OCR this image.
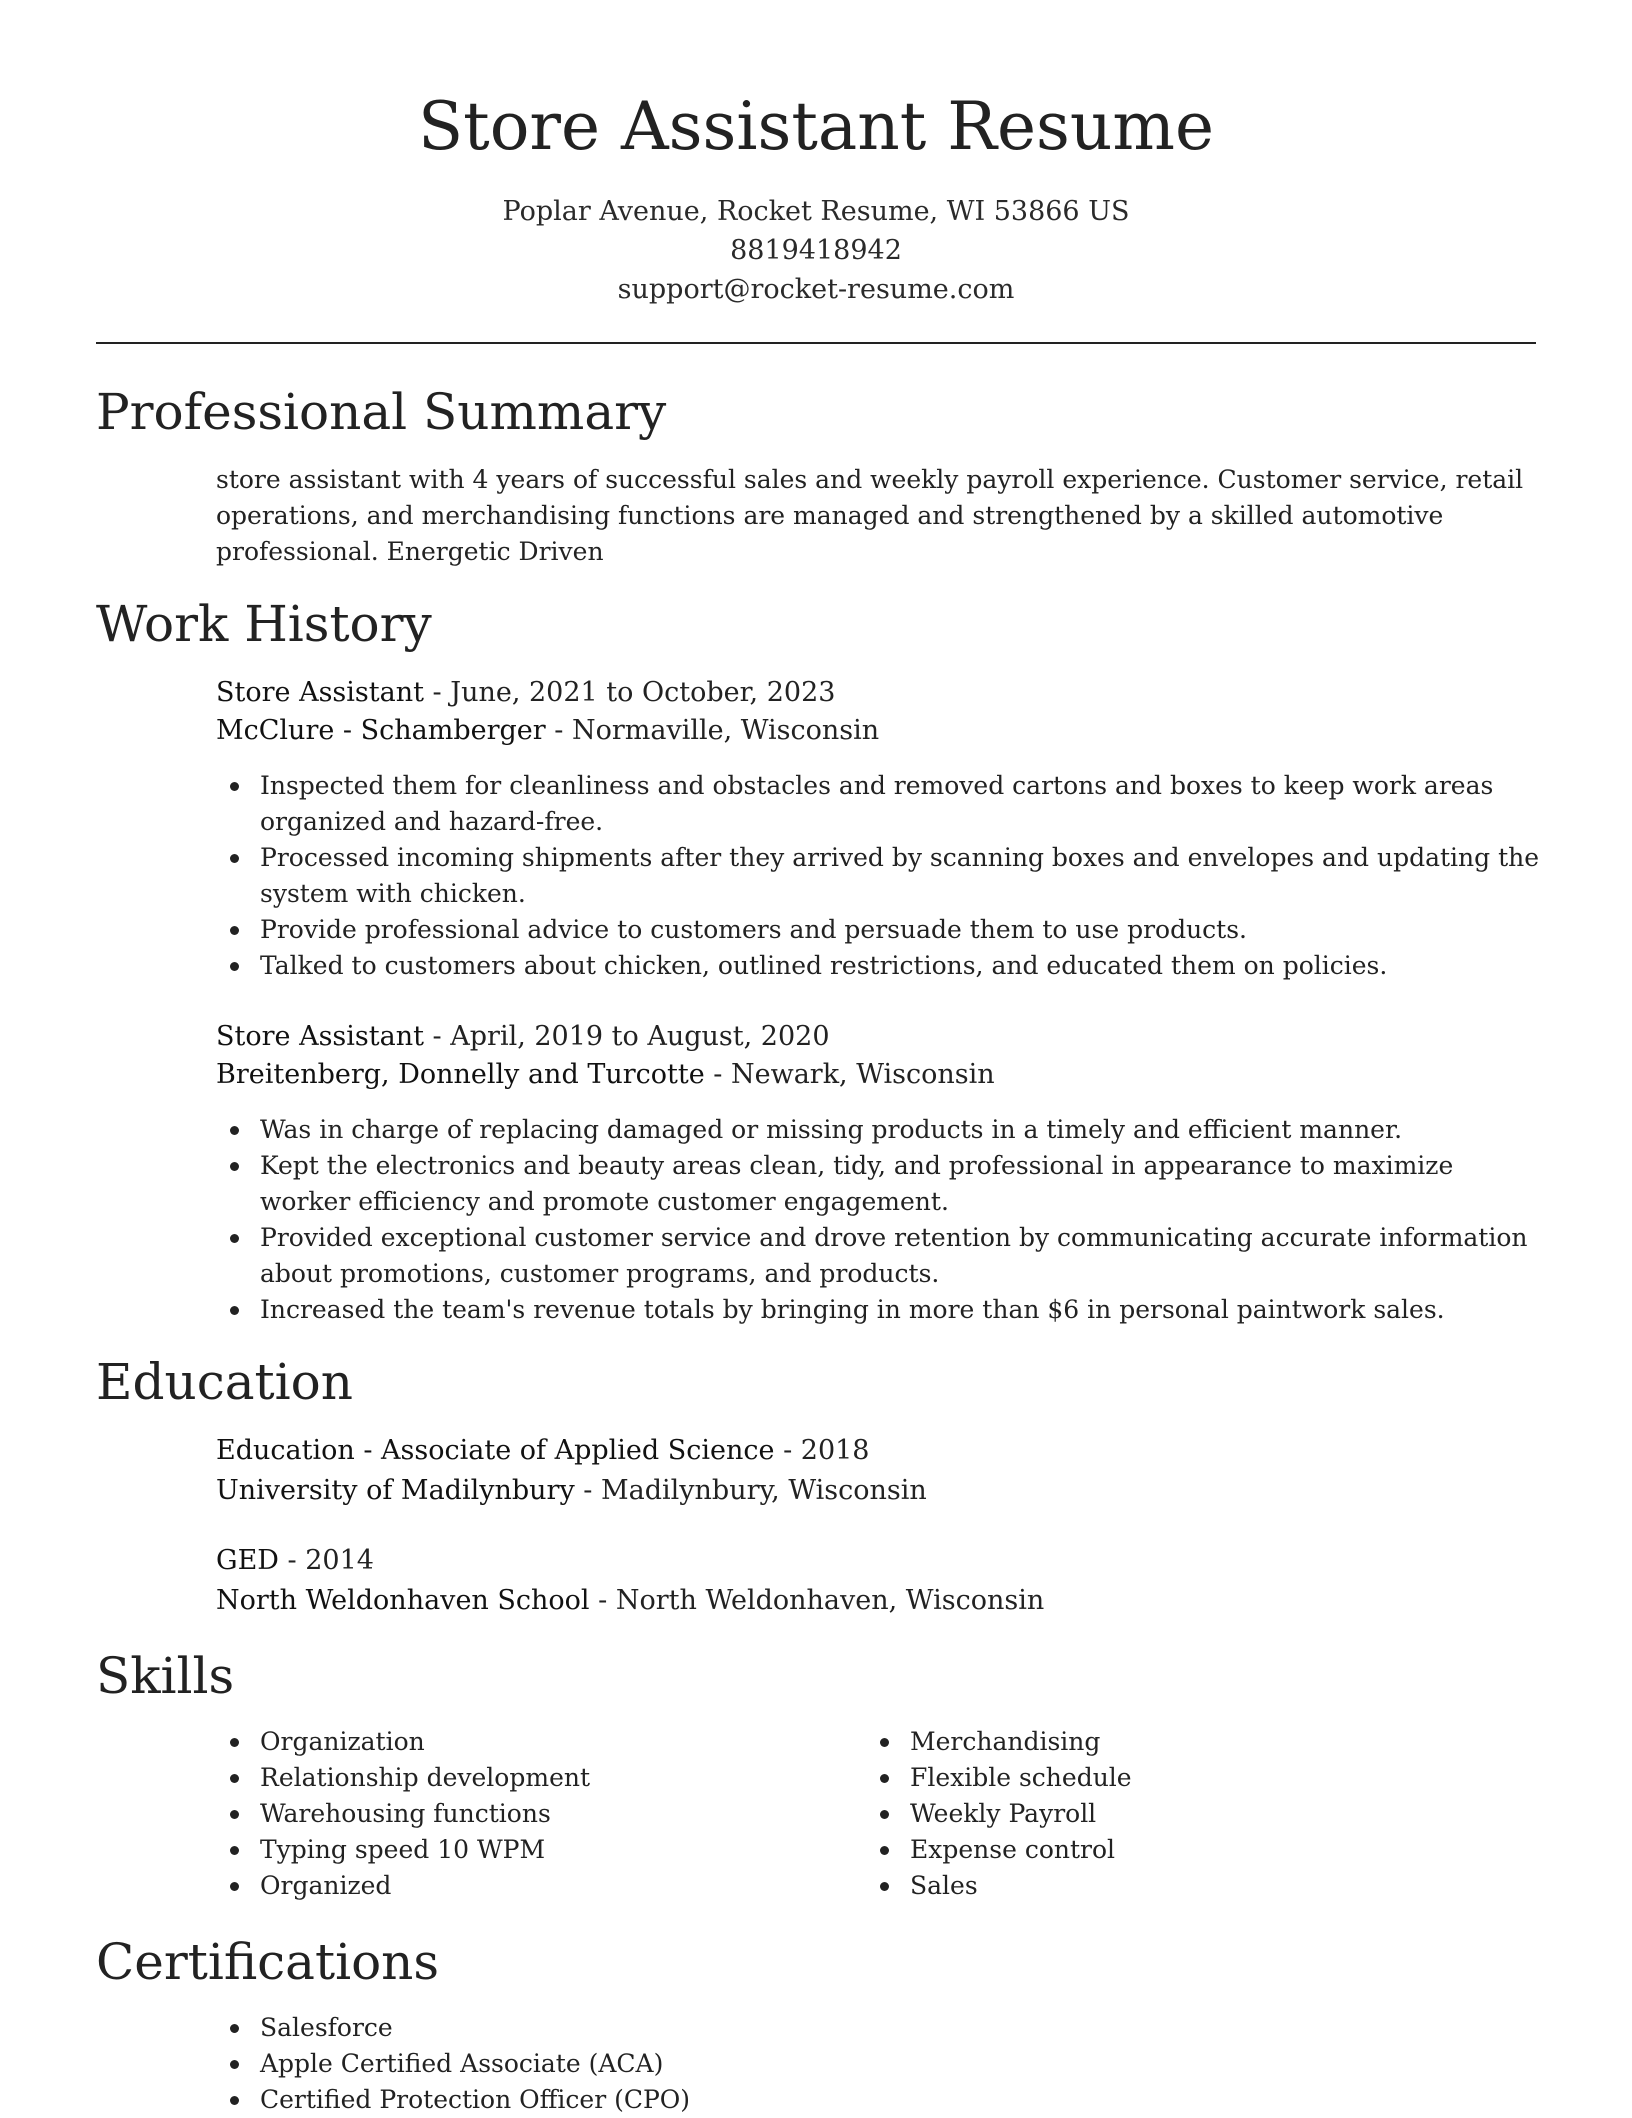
Store Assistant Resume
Poplar Avenue, Rocket Resume, WI 53866 US
8819418942
support@rocket-resume.com
Professional Summary
store assistant with 4 years of successful sales and weekly payroll experience. Customer service, retail operations, and merchandising functions are managed and strengthened by a skilled automotive professional. Energetic Driven
Work History
Store Assistant - June, 2021 to October, 2023
McClure - Schamberger - Normaville, Wisconsin
Inspected them for cleanliness and obstacles and removed cartons and boxes to keep work areas organized and hazard-free.
Processed incoming shipments after they arrived by scanning boxes and envelopes and updating the system with chicken.
Provide professional advice to customers and persuade them to use products.
Talked to customers about chicken, outlined restrictions, and educated them on policies.
Store Assistant - April, 2019 to August, 2020
Breitenberg, Donnelly and Turcotte - Newark, Wisconsin
Was in charge of replacing damaged or missing products in a timely and efficient manner.
Kept the electronics and beauty areas clean, tidy, and professional in appearance to maximize worker efficiency and promote customer engagement.
Provided exceptional customer service and drove retention by communicating accurate information about promotions, customer programs, and products.
Increased the team's revenue totals by bringing in more than $6 in personal paintwork sales.
Education
Education - Associate of Applied Science - 2018
University of Madilynbury - Madilynbury, Wisconsin
GED - 2014
North Weldonhaven School - North Weldonhaven, Wisconsin
Skills
Organization
Relationship development
Warehousing functions
Typing speed 10 WPM
Organized
Merchandising
Flexible schedule
Weekly Payroll
Expense control
Sales
Certifications
Salesforce
Apple Certified Associate (ACA)
Certified Protection Officer (CPO)
